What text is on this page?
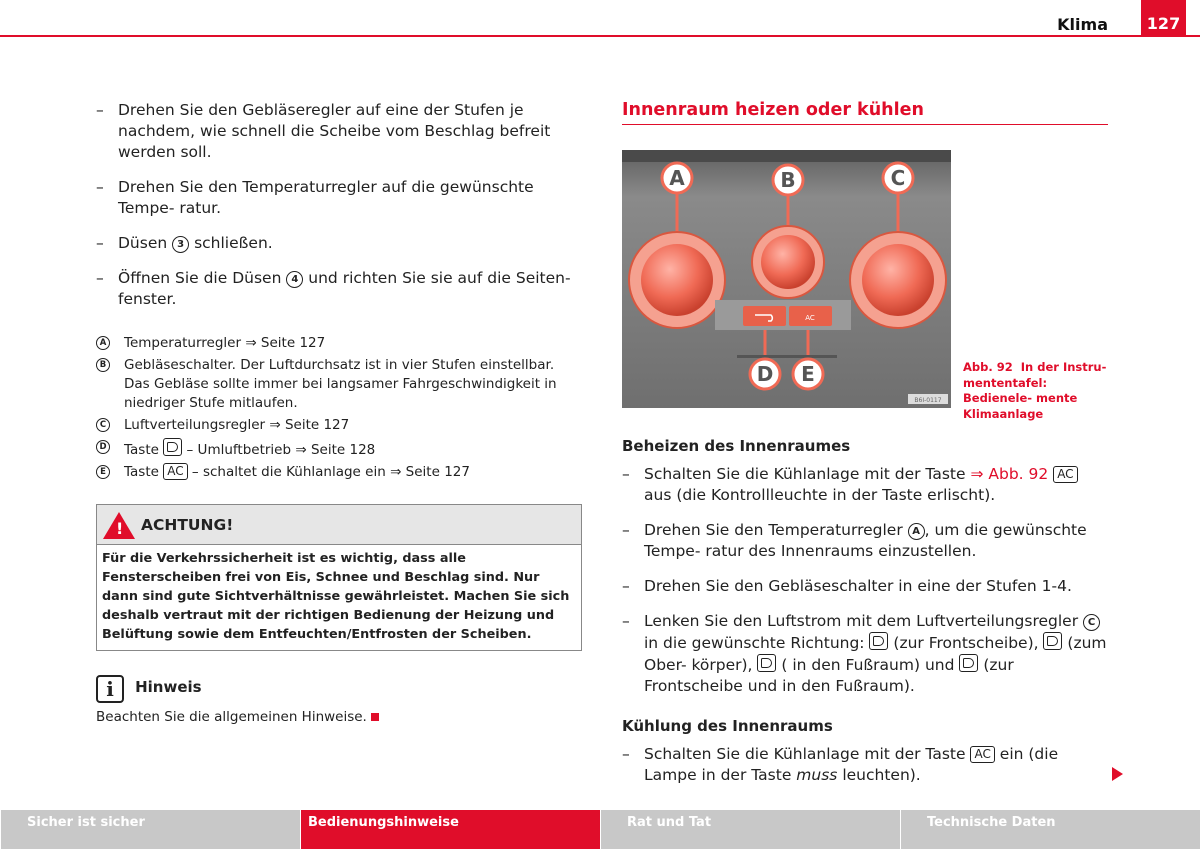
Klima	127
– Drehen Sie den Gebläseregler auf eine der Stufen je nachdem, wie schnell die Scheibe vom Beschlag befreit werden soll.
– Drehen Sie den Temperaturregler auf die gewünschte Tempe- ratur.
– Düsen 3 schließen.
– Öffnen Sie die Düsen 4 und richten Sie sie auf die Seiten- fenster.
A Temperaturregler ⇒ Seite 127
B Gebläseschalter. Der Luftdurchsatz ist in vier Stufen einstellbar. Das Gebläse sollte immer bei langsamer Fahrgeschwindigkeit in niedriger Stufe mitlaufen.
C Luftverteilungsregler ⇒ Seite 127
D Taste – Umluftbetrieb ⇒ Seite 128
E	Taste AC – schaltet die Kühlanlage ein ⇒ Seite 127
!
ACHTUNG!
Für die Verkehrssicherheit ist es wichtig, dass alle Fensterscheiben frei von Eis, Schnee und Beschlag sind. Nur dann sind gute Sichtverhältnisse gewährleistet. Machen Sie sich deshalb vertraut mit der richtigen Bedienung der Heizung und Belüftung sowie dem Entfeuchten/Entfrosten der Scheiben.
i Hinweis
Beachten Sie die allgemeinen Hinweise.
Innenraum heizen oder kühlen
AC
A	B	C
D E
B6I-0117
Abb. 92 In der Instru- mententafel: Bedienele- mente Klimaanlage
Beheizen des Innenraumes
– Schalten Sie die Kühlanlage mit der Taste ⇒ Abb. 92 AC aus (die Kontrollleuchte in der Taste erlischt).
– Drehen Sie den Temperaturregler A , um die gewünschte Tempe- ratur des Innenraums einzustellen.
– Drehen Sie den Gebläseschalter in eine der Stufen 1-4.
– Lenken Sie den Luftstrom mit dem Luftverteilungsregler C in die gewünschte Richtung: (zur Frontscheibe), (zum Ober- körper), ( in den Fußraum) und (zur Frontscheibe und in den Fußraum).
Kühlung des Innenraums
– Schalten Sie die Kühlanlage mit der Taste AC ein (die Lampe in der Taste muss leuchten).
Sicher ist sicher	Bedienungshinweise	Rat und Tat	Technische Daten
